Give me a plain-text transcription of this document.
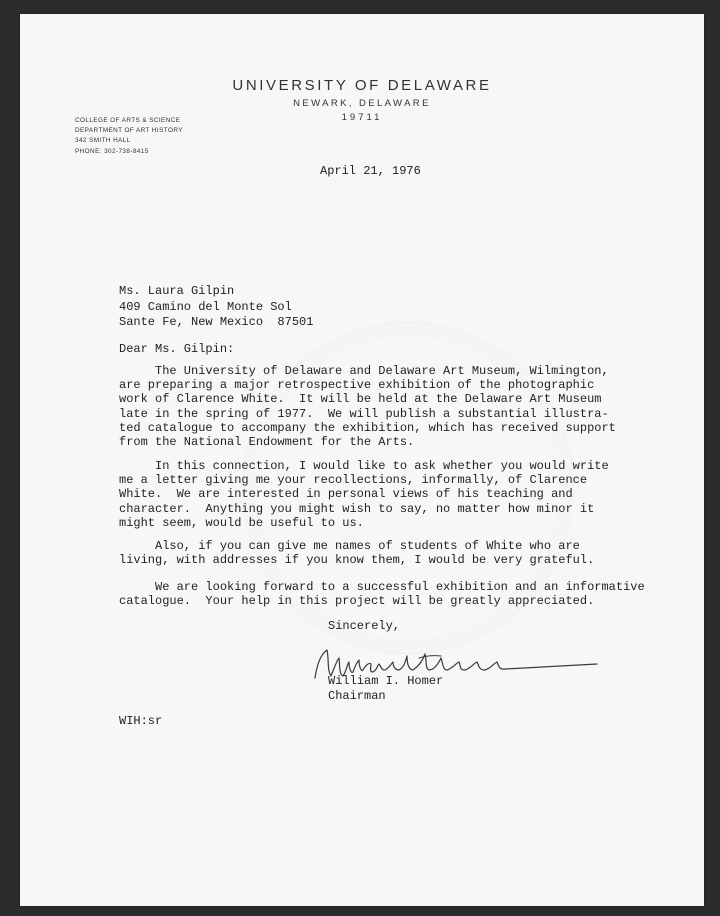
UNIVERSITY OF DELAWARE

NEWARK, DELAWARE

19711

COLLEGE OF ARTS & SCIENCE
DEPARTMENT OF ART HISTORY
342 SMITH HALL
PHONE: 302-738-8415

April 21, 1976

Ms. Laura Gilpin
409 Camino del Monte Sol
Sante Fe, New Mexico  87501

Dear Ms. Gilpin:

The University of Delaware and Delaware Art Museum, Wilmington,
are preparing a major retrospective exhibition of the photographic
work of Clarence White.  It will be held at the Delaware Art Museum
late in the spring of 1977.  We will publish a substantial illustra-
ted catalogue to accompany the exhibition, which has received support
from the National Endowment for the Arts.
In this connection, I would like to ask whether you would write
me a letter giving me your recollections, informally, of Clarence
White.  We are interested in personal views of his teaching and
character.  Anything you might wish to say, no matter how minor it
might seem, would be useful to us.
Also, if you can give me names of students of White who are
living, with addresses if you know them, I would be very grateful.
We are looking forward to a successful exhibition and an informative
catalogue.  Your help in this project will be greatly appreciated.

Sincerely,

William I. Homer

Chairman

WIH:sr
